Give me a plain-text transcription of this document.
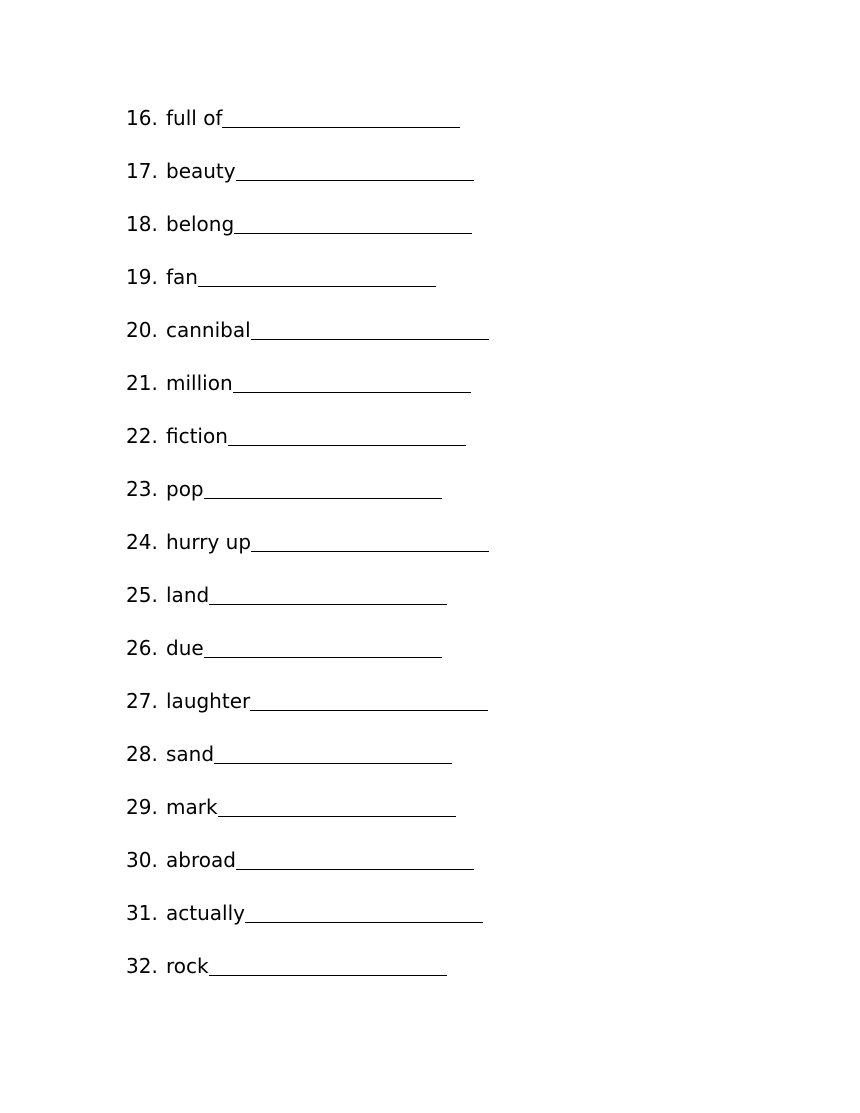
16. full of
17. beauty
18. belong
19. fan
20. cannibal
21. million
22. fiction
23. pop
24. hurry up
25. land
26. due
27. laughter
28. sand
29. mark
30. abroad
31. actually
32. rock
